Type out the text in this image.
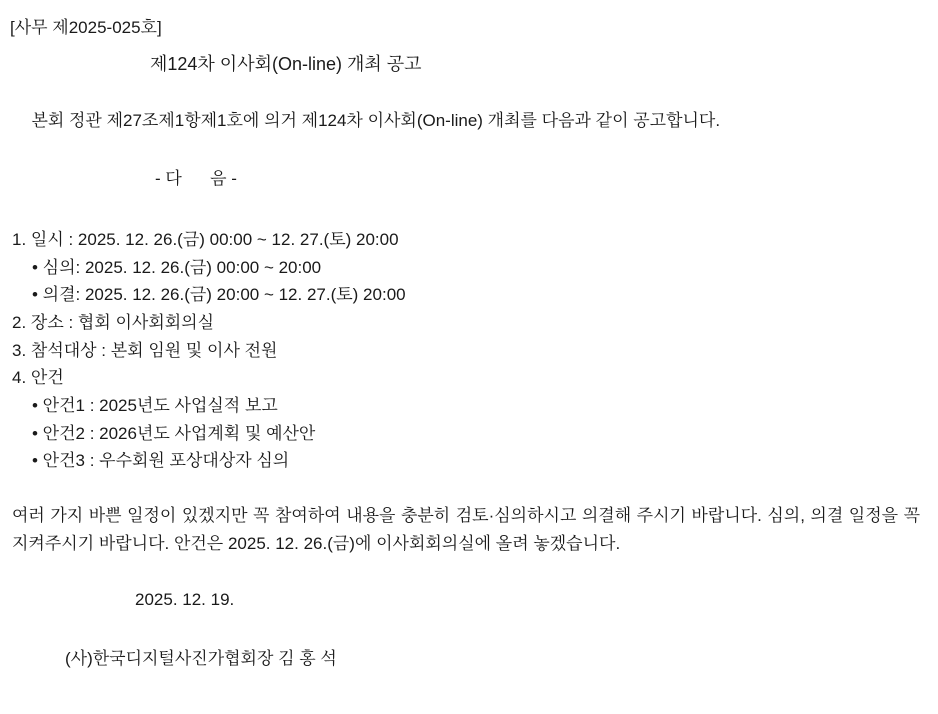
[사무 제2025-025호]
제124차 이사회(On-line) 개최 공고
본회 정관 제27조제1항제1호에 의거 제124차 이사회(On-line) 개최를 다음과 같이 공고합니다.
- 다      음 -
1. 일시 : 2025. 12. 26.(금) 00:00 ~ 12. 27.(토) 20:00
• 심의: 2025. 12. 26.(금) 00:00 ~ 20:00
• 의결: 2025. 12. 26.(금) 20:00 ~ 12. 27.(토) 20:00
2. 장소 : 협회 이사회회의실
3. 참석대상 : 본회 임원 및 이사 전원
4. 안건
• 안건1 : 2025년도 사업실적 보고
• 안건2 : 2026년도 사업계획 및 예산안
• 안건3 : 우수회원 포상대상자 심의
여러 가지 바쁜 일정이 있겠지만 꼭 참여하여 내용을 충분히 검토·심의하시고 의결해 주시기 바랍니다. 심의, 의결 일정을 꼭 지켜주시기 바랍니다. 안건은 2025. 12. 26.(금)에 이사회회의실에 올려 놓겠습니다.
2025. 12. 19.
(사)한국디지털사진가협회장 김 홍 석
